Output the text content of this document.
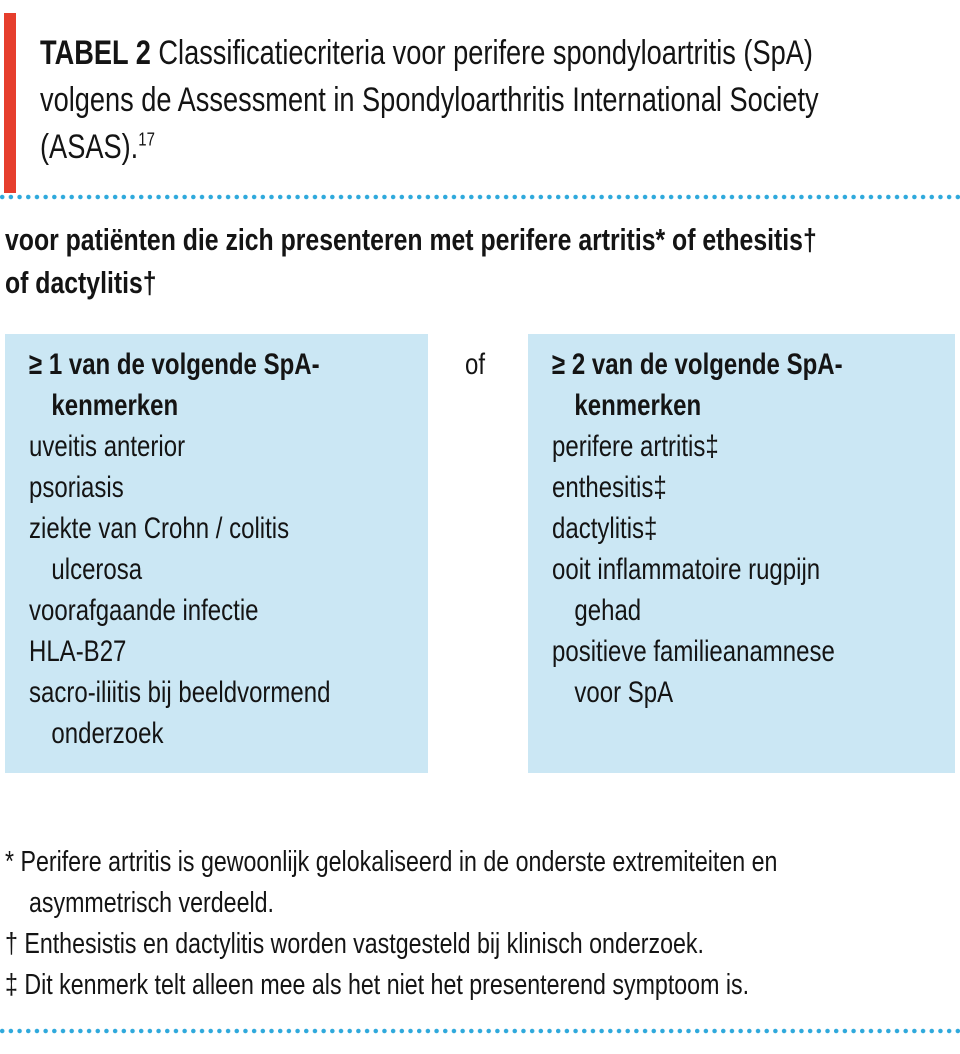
TABEL 2 Classificatiecriteria voor perifere spondyloartritis (SpA)
volgens de Assessment in Spondyloarthritis International Society
(ASAS).$^{17}$
voor patiënten die zich presenteren met perifere artritis* of ethesitis†
of dactylitis†
≥ 1 van de volgende SpA-
kenmerken
uveitis anterior
psoriasis
ziekte van Crohn / colitis
ulcerosa
voorafgaande infectie
HLA-B27
sacro-iliitis bij beeldvormend
onderzoek
of ≥ 2 van de volgende SpA-
kenmerken
perifere artritis‡
enthesitis‡
dactylitis‡
ooit inflammatoire rugpijn
gehad
positieve familieanamnese
voor SpA
* Perifere artritis is gewoonlijk gelokaliseerd in de onderste extremiteiten en
asymmetrisch verdeeld.
† Enthesistis en dactylitis worden vastgesteld bij klinisch onderzoek.
‡ Dit kenmerk telt alleen mee als het niet het presenterend symptoom is.
